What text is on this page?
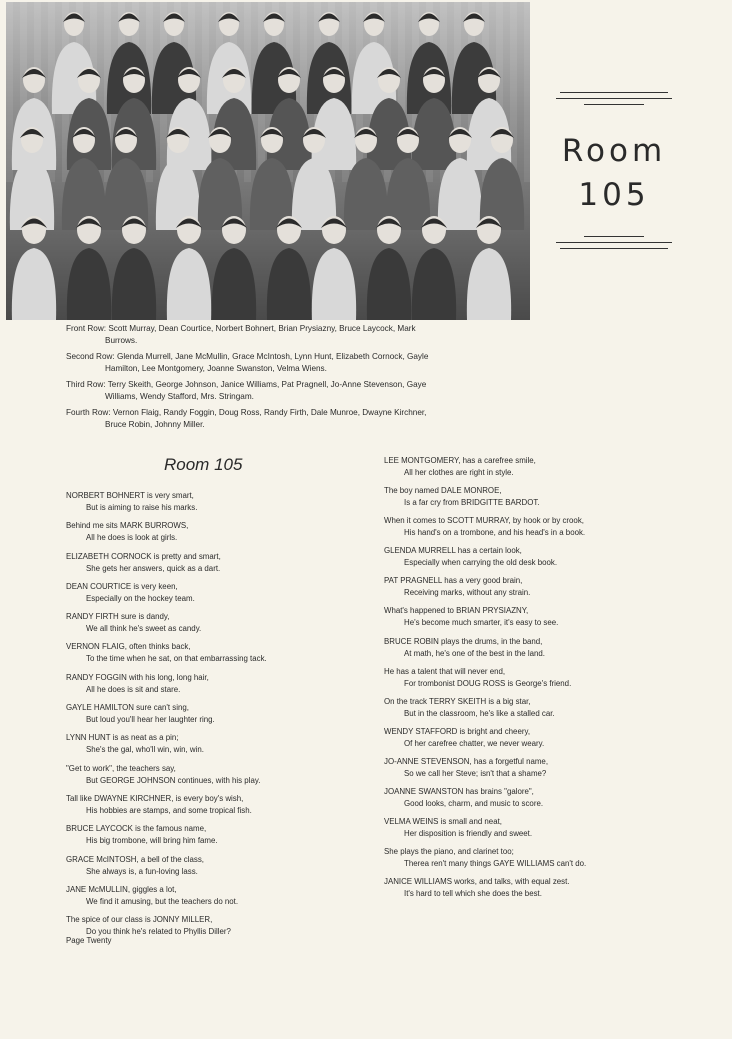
Room
105
Front Row: Scott Murray, Dean Courtice, Norbert Bohnert, Brian Prysiazny, Bruce Laycock, Mark
Burrows.
Second Row: Glenda Murrell, Jane McMullin, Grace McIntosh, Lynn Hunt, Elizabeth Cornock, Gayle
Hamilton, Lee Montgomery, Joanne Swanston, Velma Wiens.
Third Row: Terry Skeith, George Johnson, Janice Williams, Pat Pragnell, Jo-Anne Stevenson, Gaye
Williams, Wendy Stafford, Mrs. Stringam.
Fourth Row: Vernon Flaig, Randy Foggin, Doug Ross, Randy Firth, Dale Munroe, Dwayne Kirchner,
Bruce Robin, Johnny Miller.
Room 105
NORBERT BOHNERT is very smart,
But is aiming to raise his marks.
Behind me sits MARK BURROWS,
All he does is look at girls.
ELIZABETH CORNOCK is pretty and smart,
She gets her answers, quick as a dart.
DEAN COURTICE is very keen,
Especially on the hockey team.
RANDY FIRTH sure is dandy,
We all think he's sweet as candy.
VERNON FLAIG, often thinks back,
To the time when he sat, on that embarrassing tack.
RANDY FOGGIN with his long, long hair,
All he does is sit and stare.
GAYLE HAMILTON sure can't sing,
But loud you'll hear her laughter ring.
LYNN HUNT is as neat as a pin;
She's the gal, who'll win, win, win.
"Get to work", the teachers say,
But GEORGE JOHNSON continues, with his play.
Tall like DWAYNE KIRCHNER, is every boy's wish,
His hobbies are stamps, and some tropical fish.
BRUCE LAYCOCK is the famous name,
His big trombone, will bring him fame.
GRACE McINTOSH, a bell of the class,
She always is, a fun-loving lass.
JANE McMULLIN, giggles a lot,
We find it amusing, but the teachers do not.
The spice of our class is JONNY MILLER,
Do you think he's related to Phyllis Diller?
LEE MONTGOMERY, has a carefree smile,
All her clothes are right in style.
The boy named DALE MONROE,
Is a far cry from BRIDGITTE BARDOT.
When it comes to SCOTT MURRAY, by hook or by crook,
His hand's on a trombone, and his head's in a book.
GLENDA MURRELL has a certain look,
Especially when carrying the old desk book.
PAT PRAGNELL has a very good brain,
Receiving marks, without any strain.
What's happened to BRIAN PRYSIAZNY,
He's become much smarter, it's easy to see.
BRUCE ROBIN plays the drums, in the band,
At math, he's one of the best in the land.
He has a talent that will never end,
For trombonist DOUG ROSS is George's friend.
On the track TERRY SKEITH is a big star,
But in the classroom, he's like a stalled car.
WENDY STAFFORD is bright and cheery,
Of her carefree chatter, we never weary.
JO-ANNE STEVENSON, has a forgetful name,
So we call her Steve; isn't that a shame?
JOANNE SWANSTON has brains "galore",
Good looks, charm, and music to score.
VELMA WEINS is small and neat,
Her disposition is friendly and sweet.
She plays the piano, and clarinet too;
Therea ren't many things GAYE WILLIAMS can't do.
JANICE WILLIAMS works, and talks, with equal zest.
It's hard to tell which she does the best.
Page Twenty
